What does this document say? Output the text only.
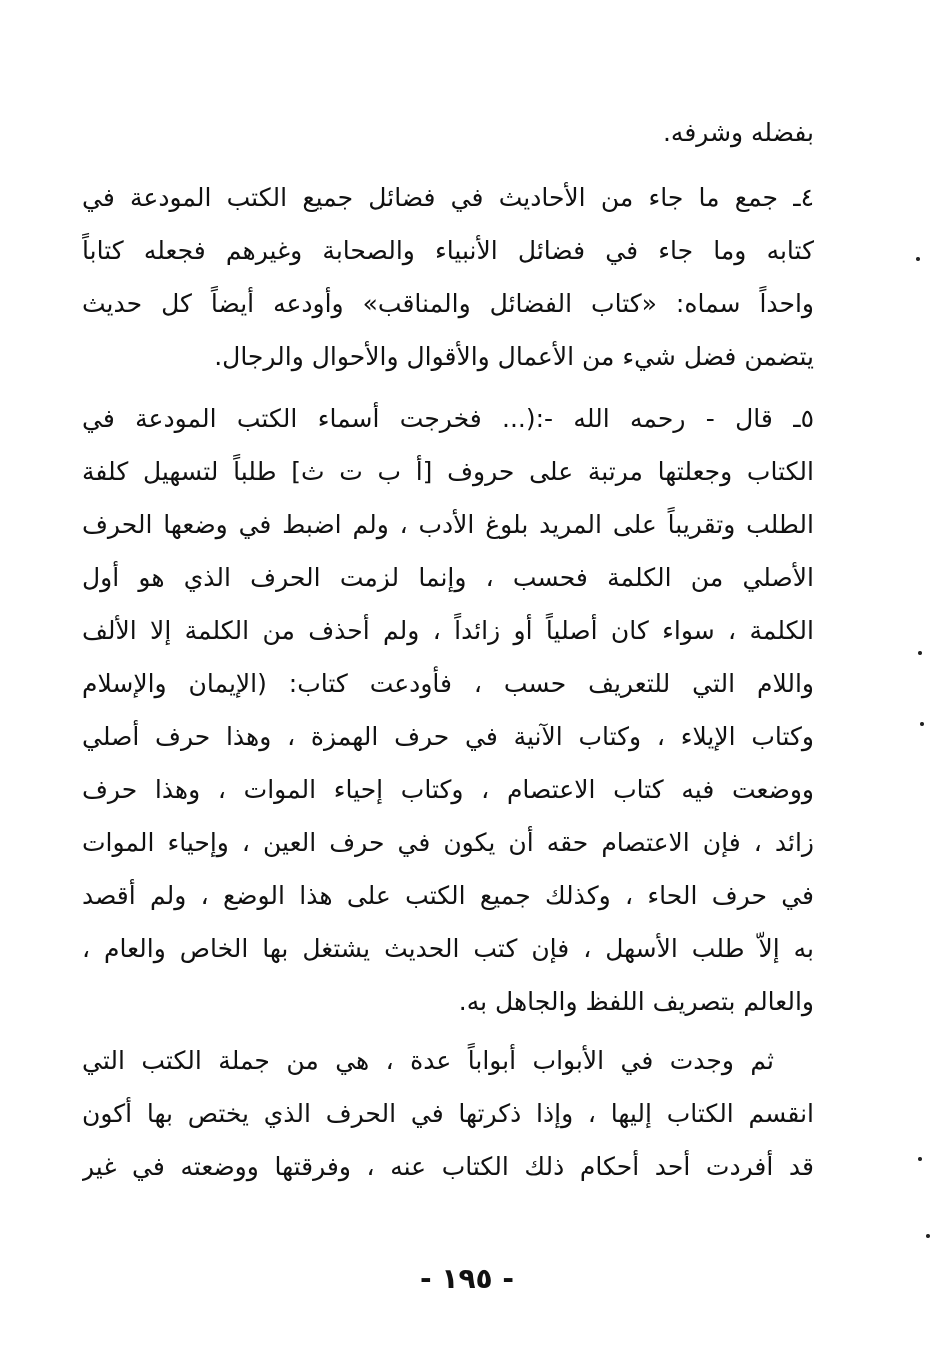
بفضله وشرفه.
٤ـ جمع ما جاء من الأحاديث في فضائل جميع الكتب المودعة في
كتابه وما جاء في فضائل الأنبياء والصحابة وغيرهم فجعله كتاباً
واحداً سماه: «كتاب الفضائل والمناقب» وأودعه أيضاً كل حديث
يتضمن فضل شيء من الأعمال والأقوال والأحوال والرجال.
٥ـ قال - رحمه الله -:(... فخرجت أسماء الكتب المودعة في
الكتاب وجعلتها مرتبة على حروف [أ ب ت ث] طلباً لتسهيل كلفة
الطلب وتقريباً على المريد بلوغ الأدب ، ولم اضبط في وضعها الحرف
الأصلي من الكلمة فحسب ، وإنما لزمت الحرف الذي هو أول
الكلمة ، سواء كان أصلياً أو زائداً ، ولم أحذف من الكلمة إلا الألف
واللام التي للتعريف حسب ، فأودعت كتاب: (الإيمان والإسلام
وكتاب الإيلاء ، وكتاب الآنية في حرف الهمزة ، وهذا حرف أصلي
ووضعت فيه كتاب الاعتصام ، وكتاب إحياء الموات ، وهذا حرف
زائد ، فإن الاعتصام حقه أن يكون في حرف العين ، وإحياء الموات
في حرف الحاء ، وكذلك جميع الكتب على هذا الوضع ، ولم أقصد
به إلاّ طلب الأسهل ، فإن كتب الحديث يشتغل بها الخاص والعام ،
والعالم بتصريف اللفظ والجاهل به.
ثم وجدت في الأبواب أبواباً عدة ، هي من جملة الكتب التي
انقسم الكتاب إليها ، وإذا ذكرتها في الحرف الذي يختص بها أكون
قد أفردت أحد أحكام ذلك الكتاب عنه ، وفرقتها ووضعته في غير
- ١٩٥ -
